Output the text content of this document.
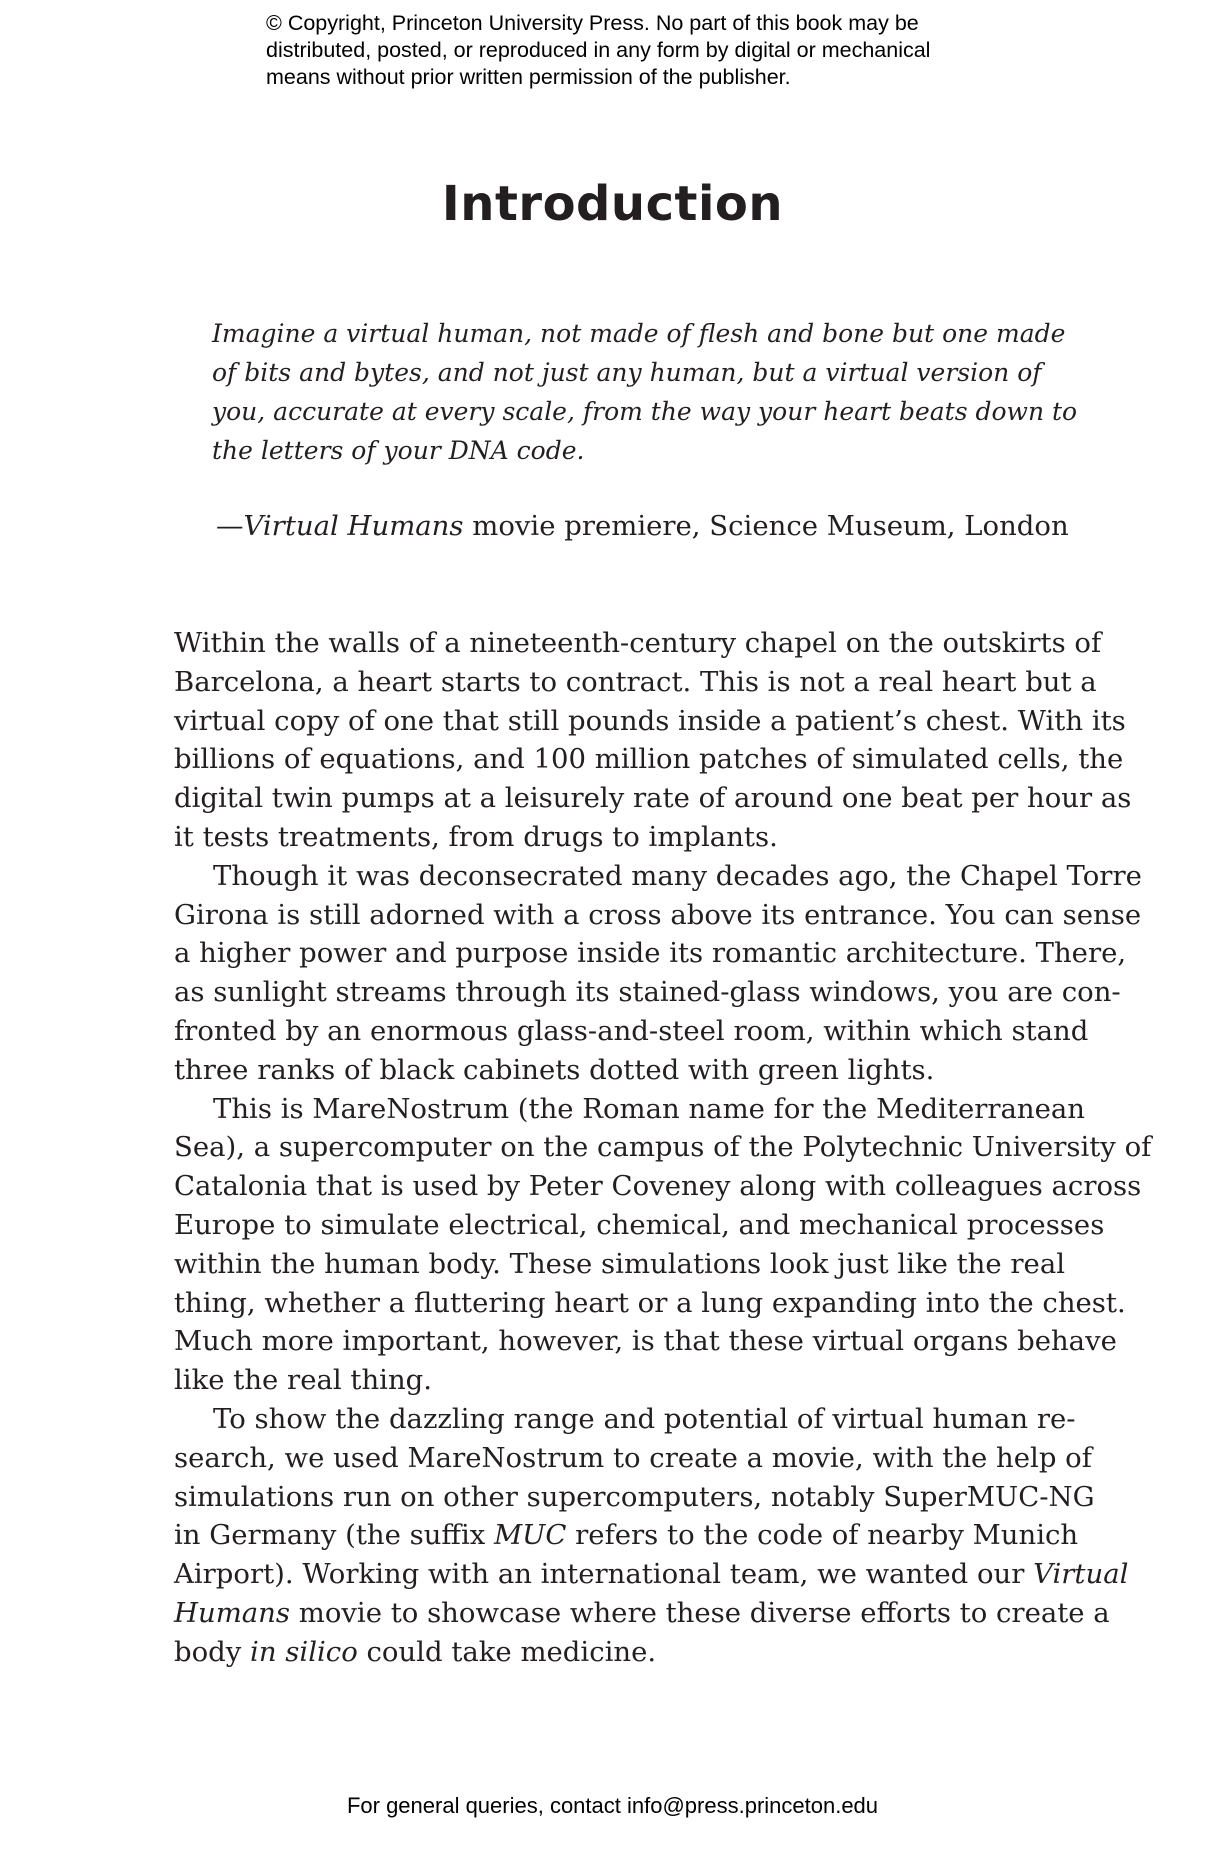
© Copyright, Princeton University Press. No part of this book may be
distributed, posted, or reproduced in any form by digital or mechanical
means without prior written permission of the publisher.
Introduction
Imagine a virtual human, not made of flesh and bone but one made
of bits and bytes, and not just any human, but a virtual version of
you, accurate at every scale, from the way your heart beats down to
the letters of your DNA code.
—Virtual Humans movie premiere, Science Museum, London
Within the walls of a nineteenth-century chapel on the outskirts of
Barcelona, a heart starts to contract. This is not a real heart but a
virtual copy of one that still pounds inside a patient’s chest. With its
billions of equations, and 100 million patches of simulated cells, the
digital twin pumps at a leisurely rate of around one beat per hour as
it tests treatments, from drugs to implants.
Though it was deconsecrated many decades ago, the Chapel Torre
Girona is still adorned with a cross above its entrance. You can sense
a higher power and purpose inside its romantic architecture. There,
as sunlight streams through its stained-glass windows, you are con-
fronted by an enormous glass-and-steel room, within which stand
three ranks of black cabinets dotted with green lights.
This is MareNostrum (the Roman name for the Mediterranean
Sea), a supercomputer on the campus of the Polytechnic University of
Catalonia that is used by Peter Coveney along with colleagues across
Europe to simulate electrical, chemical, and mechanical processes
within the human body. These simulations look just like the real
thing, whether a fluttering heart or a lung expanding into the chest.
Much more important, however, is that these virtual organs behave
like the real thing.
To show the dazzling range and potential of virtual human re-
search, we used MareNostrum to create a movie, with the help of
simulations run on other supercomputers, notably SuperMUC-NG
in Germany (the suffix MUC refers to the code of nearby Munich
Airport). Working with an international team, we wanted our Virtual
Humans movie to showcase where these diverse efforts to create a
body in silico could take medicine.
For general queries, contact info@press.princeton.edu
